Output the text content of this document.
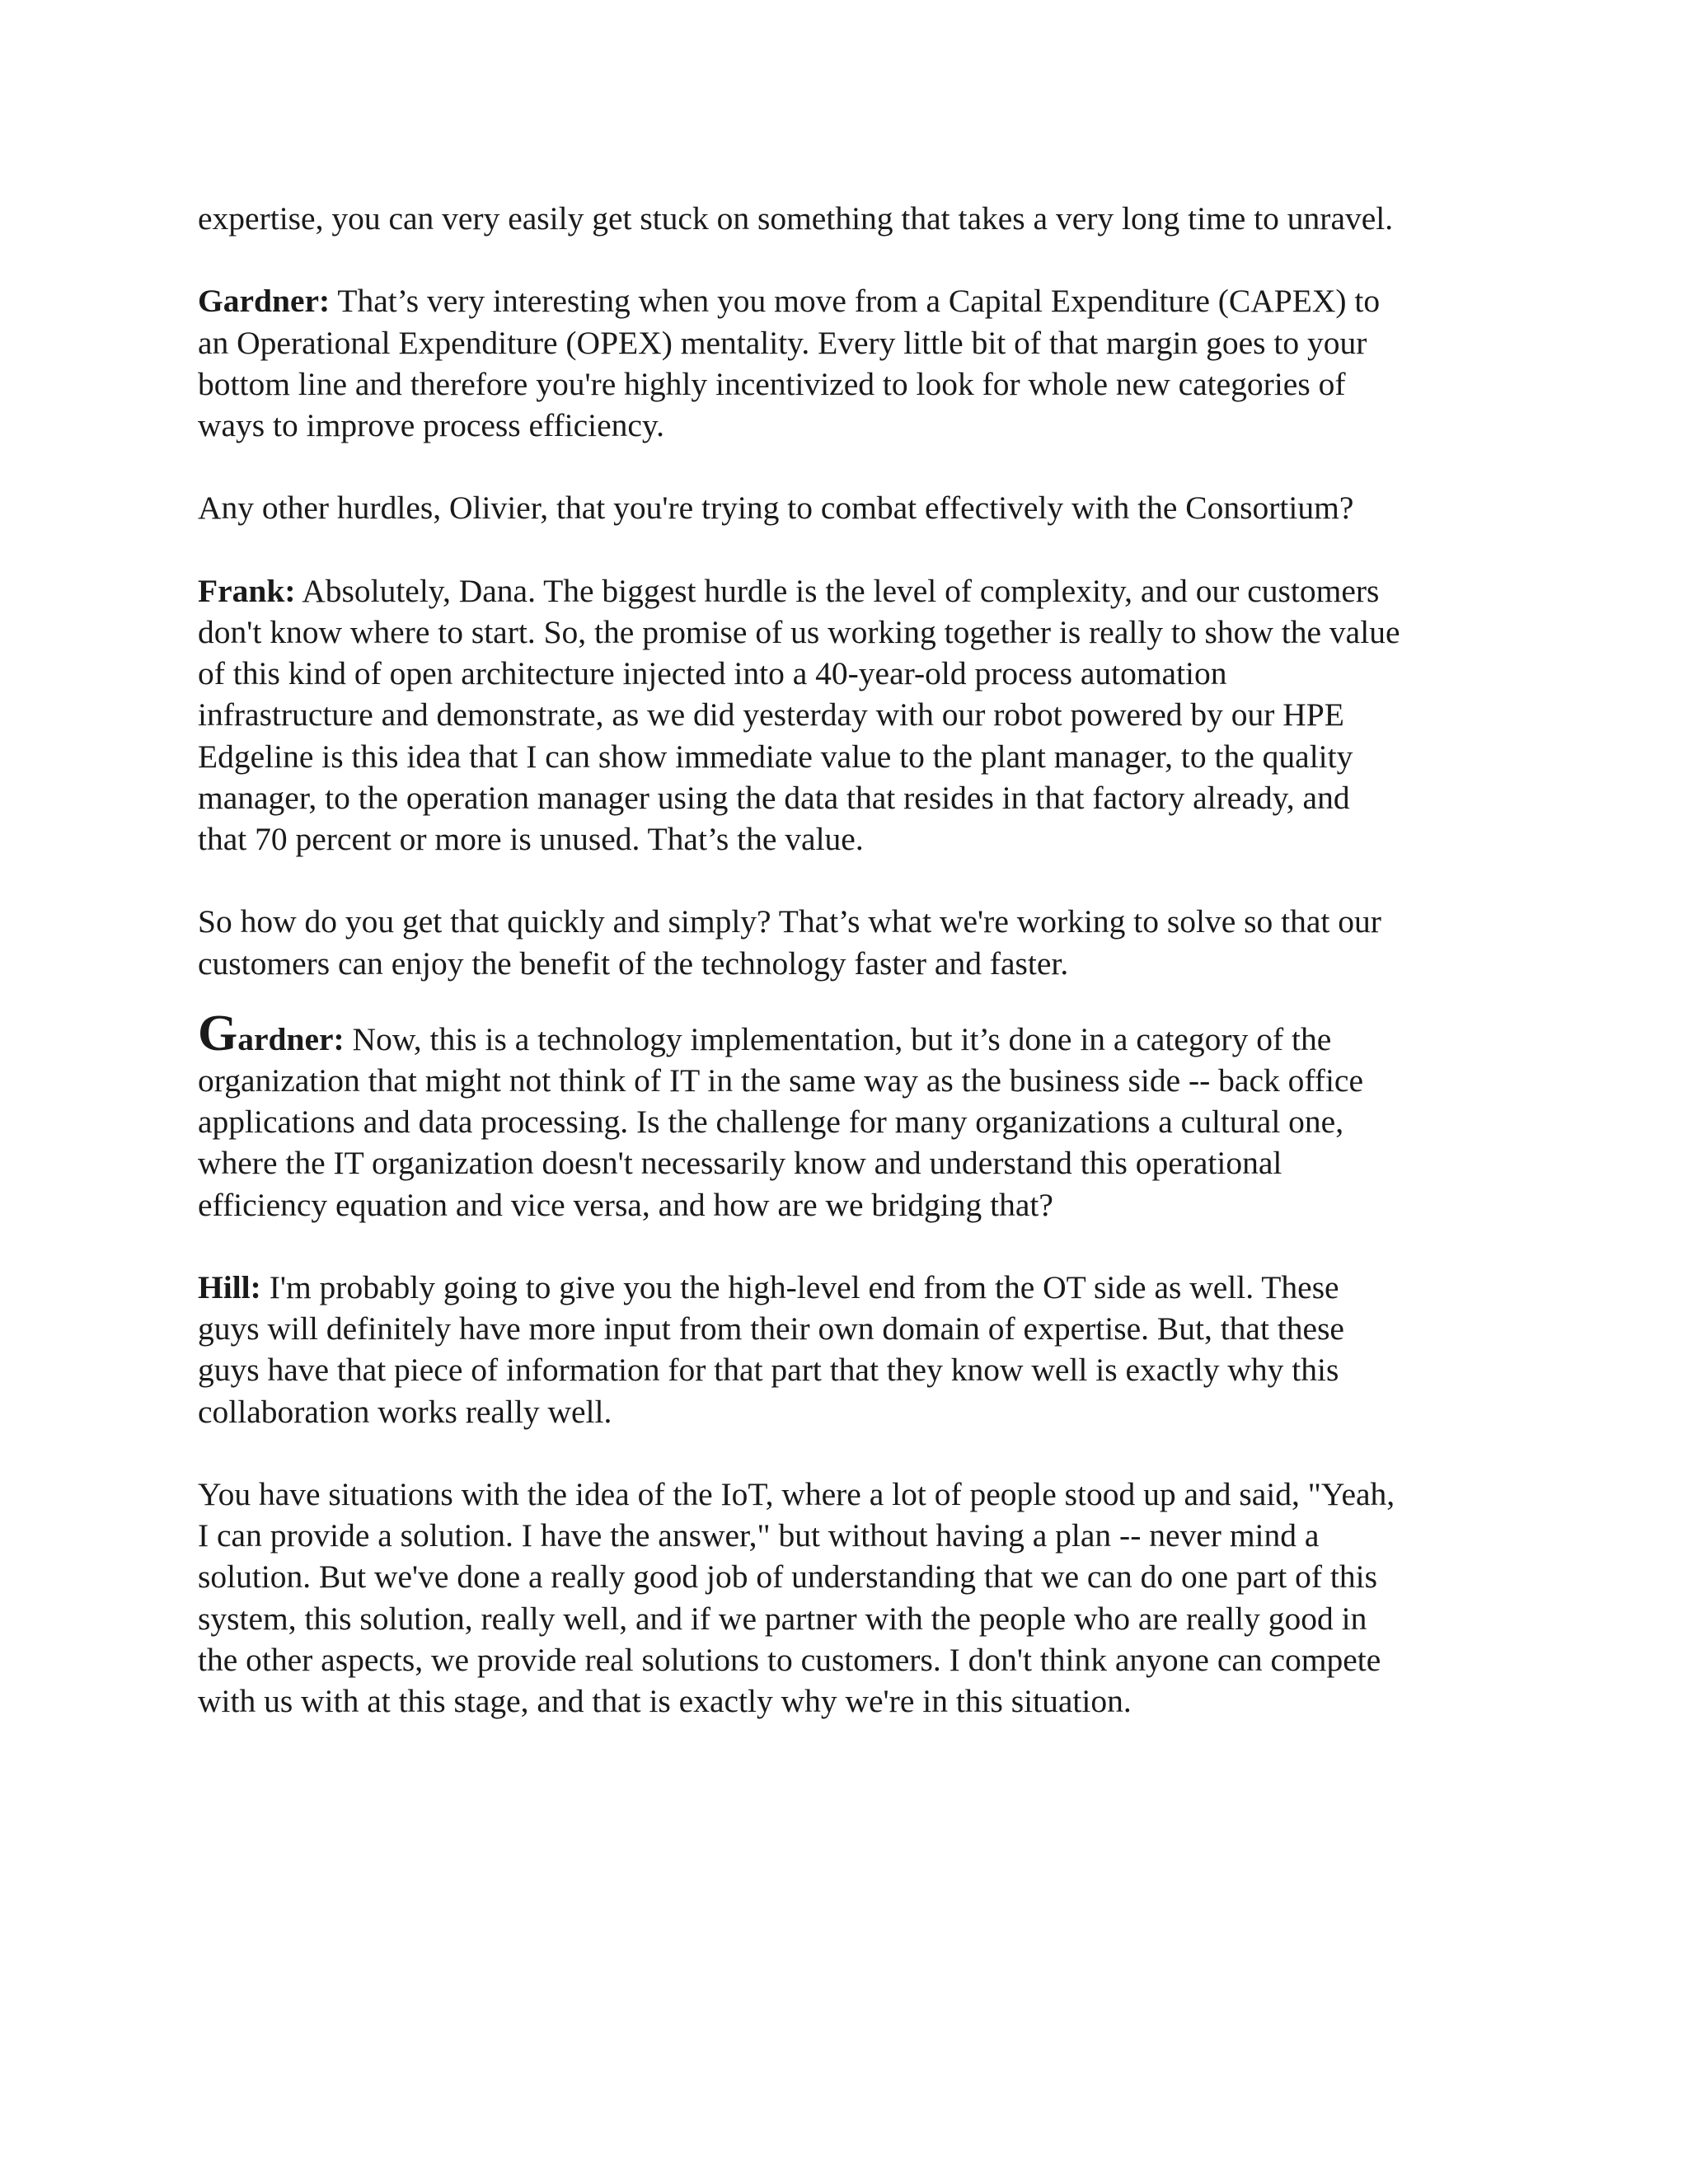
expertise, you can very easily get stuck on something that takes a very long time to unravel.

Gardner: That’s very interesting when you move from a Capital Expenditure (CAPEX) to an Operational Expenditure (OPEX) mentality. Every little bit of that margin goes to your bottom line and therefore you're highly incentivized to look for whole new categories of ways to improve process efficiency.

Any other hurdles, Olivier, that you're trying to combat effectively with the Consortium?

Frank: Absolutely, Dana. The biggest hurdle is the level of complexity, and our customers don't know where to start. So, the promise of us working together is really to show the value of this kind of open architecture injected into a 40-year-old process automation infrastructure and demonstrate, as we did yesterday with our robot powered by our HPE Edgeline is this idea that I can show immediate value to the plant manager, to the quality manager, to the operation manager using the data that resides in that factory already, and that 70 percent or more is unused. That’s the value.

So how do you get that quickly and simply? That’s what we're working to solve so that our customers can enjoy the benefit of the technology faster and faster.

Gardner: Now, this is a technology implementation, but it’s done in a category of the organization that might not think of IT in the same way as the business side -- back office applications and data processing. Is the challenge for many organizations a cultural one, where the IT organization doesn't necessarily know and understand this operational efficiency equation and vice versa, and how are we bridging that?

Hill: I'm probably going to give you the high-level end from the OT side as well. These guys will definitely have more input from their own domain of expertise. But, that these guys have that piece of information for that part that they know well is exactly why this collaboration works really well.

You have situations with the idea of the IoT, where a lot of people stood up and said, "Yeah, I can provide a solution. I have the answer," but without having a plan -- never mind a solution. But we've done a really good job of understanding that we can do one part of this system, this solution, really well, and if we partner with the people who are really good in the other aspects, we provide real solutions to customers. I don't think anyone can compete with us with at this stage, and that is exactly why we're in this situation.
